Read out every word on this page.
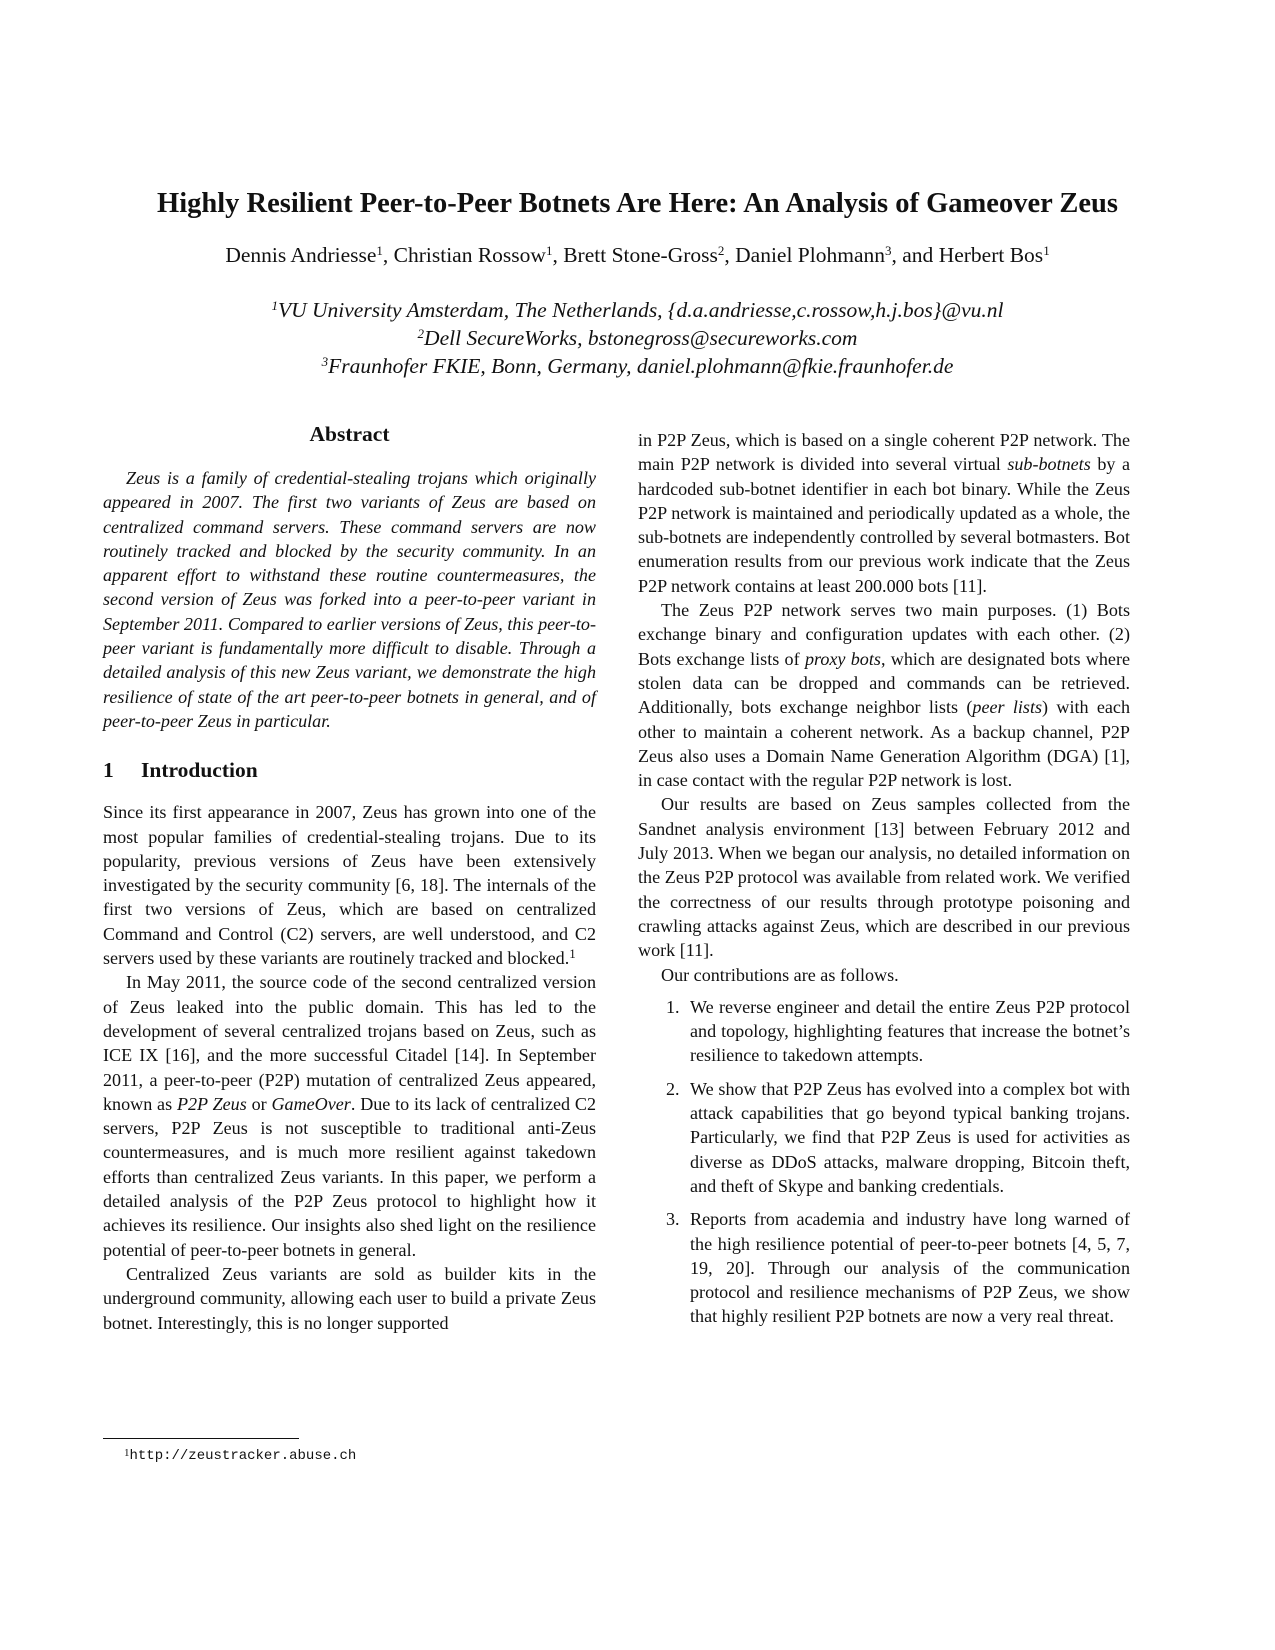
Highly Resilient Peer-to-Peer Botnets Are Here: An Analysis of Gameover Zeus
Dennis Andriesse$^1$, Christian Rossow$^1$, Brett Stone-Gross$^2$, Daniel Plohmann$^3$, and Herbert Bos$^1$
$^1$VU University Amsterdam, The Netherlands, {d.a.andriesse,c.rossow,h.j.bos}@vu.nl
$^2$Dell SecureWorks, bstonegross@secureworks.com
$^3$Fraunhofer FKIE, Bonn, Germany, daniel.plohmann@fkie.fraunhofer.de
Abstract

Zeus is a family of credential-stealing trojans which originally appeared in 2007. The first two variants of Zeus are based on centralized command servers. These command servers are now routinely tracked and blocked by the security community. In an apparent effort to withstand these routine countermeasures, the second version of Zeus was forked into a peer-to-peer variant in September 2011. Compared to earlier versions of Zeus, this peer-to-peer variant is fundamentally more difficult to disable. Through a detailed analysis of this new Zeus variant, we demonstrate the high resilience of state of the art peer-to-peer botnets in general, and of peer-to-peer Zeus in particular.

1 Introduction

Since its first appearance in 2007, Zeus has grown into one of the most popular families of credential-stealing trojans. Due to its popularity, previous versions of Zeus have been extensively investigated by the security community [6, 18]. The internals of the first two versions of Zeus, which are based on centralized Command and Control (C2) servers, are well understood, and C2 servers used by these variants are routinely tracked and blocked.$^1$

In May 2011, the source code of the second centralized version of Zeus leaked into the public domain. This has led to the development of several centralized trojans based on Zeus, such as ICE IX [16], and the more successful Citadel [14]. In September 2011, a peer-to-peer (P2P) mutation of centralized Zeus appeared, known as P2P Zeus or GameOver. Due to its lack of centralized C2 servers, P2P Zeus is not susceptible to traditional anti-Zeus countermeasures, and is much more resilient against takedown efforts than centralized Zeus variants. In this paper, we perform a detailed analysis of the P2P Zeus protocol to highlight how it achieves its resilience. Our insights also shed light on the resilience potential of peer-to-peer botnets in general.

Centralized Zeus variants are sold as builder kits in the underground community, allowing each user to build a private Zeus botnet. Interestingly, this is no longer supported

in P2P Zeus, which is based on a single coherent P2P network. The main P2P network is divided into several virtual sub-botnets by a hardcoded sub-botnet identifier in each bot binary. While the Zeus P2P network is maintained and periodically updated as a whole, the sub-botnets are independently controlled by several botmasters. Bot enumeration results from our previous work indicate that the Zeus P2P network contains at least 200.000 bots [11].

The Zeus P2P network serves two main purposes. (1) Bots exchange binary and configuration updates with each other. (2) Bots exchange lists of proxy bots, which are designated bots where stolen data can be dropped and commands can be retrieved. Additionally, bots exchange neighbor lists (peer lists) with each other to maintain a coherent network. As a backup channel, P2P Zeus also uses a Domain Name Generation Algorithm (DGA) [1], in case contact with the regular P2P network is lost.

Our results are based on Zeus samples collected from the Sandnet analysis environment [13] between February 2012 and July 2013. When we began our analysis, no detailed information on the Zeus P2P protocol was available from related work. We verified the correctness of our results through prototype poisoning and crawling attacks against Zeus, which are described in our previous work [11].

Our contributions are as follows.

1. We reverse engineer and detail the entire Zeus P2P protocol and topology, highlighting features that increase the botnet’s resilience to takedown attempts.
2. We show that P2P Zeus has evolved into a complex bot with attack capabilities that go beyond typical banking trojans. Particularly, we find that P2P Zeus is used for activities as diverse as DDoS attacks, malware dropping, Bitcoin theft, and theft of Skype and banking credentials.
3. Reports from academia and industry have long warned of the high resilience potential of peer-to-peer botnets [4, 5, 7, 19, 20]. Through our analysis of the communication protocol and resilience mechanisms of P2P Zeus, we show that highly resilient P2P botnets are now a very real threat.
$^1$http://zeustracker.abuse.ch
